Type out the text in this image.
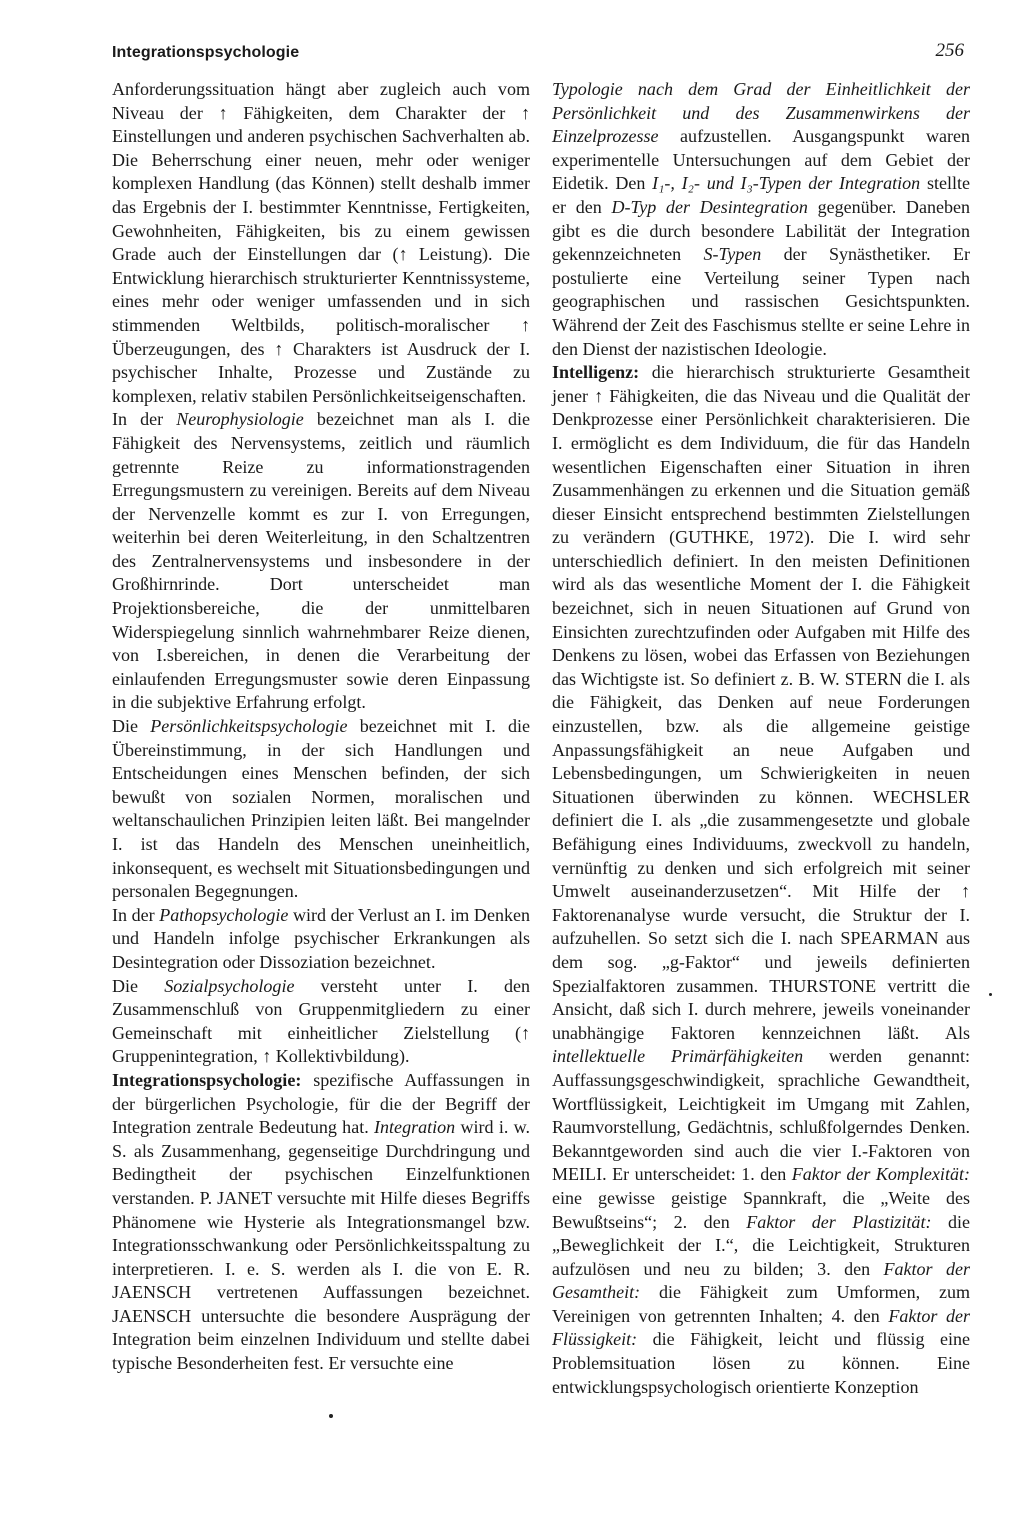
Integrationspsychologie	256

Anforderungssituation hängt aber zugleich auch vom Niveau der ↑ Fähigkeiten, dem Charakter der ↑ Einstellungen und anderen psychischen Sachverhalten ab. Die Beherrschung einer neuen, mehr oder weniger komplexen Handlung (das Können) stellt deshalb immer das Ergebnis der I. bestimmter Kenntnisse, Fertigkeiten, Gewohnheiten, Fähigkeiten, bis zu einem gewissen Grade auch der Einstellungen dar (↑ Leistung). Die Entwicklung hierarchisch strukturierter Kenntnissysteme, eines mehr oder weniger umfassenden und in sich stimmenden Weltbilds, politisch-moralischer ↑ Überzeugungen, des ↑ Charakters ist Ausdruck der I. psychischer Inhalte, Prozesse und Zustände zu komplexen, relativ stabilen Persönlichkeitseigenschaften.

In der Neurophysiologie bezeichnet man als I. die Fähigkeit des Nervensystems, zeitlich und räumlich getrennte Reize zu informationstragenden Erregungsmustern zu vereinigen. Bereits auf dem Niveau der Nervenzelle kommt es zur I. von Erregungen, weiterhin bei deren Weiterleitung, in den Schaltzentren des Zentralnervensystems und insbesondere in der Großhirnrinde. Dort unterscheidet man Projektionsbereiche, die der unmittelbaren Widerspiegelung sinnlich wahrnehmbarer Reize dienen, von I.sbereichen, in denen die Verarbeitung der einlaufenden Erregungsmuster sowie deren Einpassung in die subjektive Erfahrung erfolgt.

Die Persönlichkeitspsychologie bezeichnet mit I. die Übereinstimmung, in der sich Handlungen und Entscheidungen eines Menschen befinden, der sich bewußt von sozialen Normen, moralischen und weltanschaulichen Prinzipien leiten läßt. Bei mangelnder I. ist das Handeln des Menschen uneinheitlich, inkonsequent, es wechselt mit Situationsbedingungen und personalen Begegnungen.

In der Pathopsychologie wird der Verlust an I. im Denken und Handeln infolge psychischer Erkrankungen als Desintegration oder Dissoziation bezeichnet.

Die Sozialpsychologie versteht unter I. den Zusammenschluß von Gruppenmitgliedern zu einer Gemeinschaft mit einheitlicher Zielstellung (↑ Gruppenintegration, ↑ Kollektivbildung).

Integrationspsychologie: spezifische Auffassungen in der bürgerlichen Psychologie, für die der Begriff der Integration zentrale Bedeutung hat. Integration wird i. w. S. als Zusammenhang, gegenseitige Durchdringung und Bedingtheit der psychischen Einzelfunktionen verstanden. P. JANET versuchte mit Hilfe dieses Begriffs Phänomene wie Hysterie als Integrationsmangel bzw. Integrationsschwankung oder Persönlichkeitsspaltung zu interpretieren. I. e. S. werden als I. die von E. R. JAENSCH vertretenen Auffassungen bezeichnet. JAENSCH untersuchte die besondere Ausprägung der Integration beim einzelnen Individuum und stellte dabei typische Besonderheiten fest. Er versuchte eine

Typologie nach dem Grad der Einheitlichkeit der Persönlichkeit und des Zusammenwirkens der Einzelprozesse aufzustellen. Ausgangspunkt waren experimentelle Untersuchungen auf dem Gebiet der Eidetik. Den I₁-, I₂- und I₃-Typen der Integration stellte er den D-Typ der Desintegration gegenüber. Daneben gibt es die durch besondere Labilität der Integration gekennzeichneten S-Typen der Synästhetiker. Er postulierte eine Verteilung seiner Typen nach geographischen und rassischen Gesichtspunkten. Während der Zeit des Faschismus stellte er seine Lehre in den Dienst der nazistischen Ideologie.

Intelligenz: die hierarchisch strukturierte Gesamtheit jener ↑ Fähigkeiten, die das Niveau und die Qualität der Denkprozesse einer Persönlichkeit charakterisieren. Die I. ermöglicht es dem Individuum, die für das Handeln wesentlichen Eigenschaften einer Situation in ihren Zusammenhängen zu erkennen und die Situation gemäß dieser Einsicht entsprechend bestimmten Zielstellungen zu verändern (GUTHKE, 1972). Die I. wird sehr unterschiedlich definiert. In den meisten Definitionen wird als das wesentliche Moment der I. die Fähigkeit bezeichnet, sich in neuen Situationen auf Grund von Einsichten zurechtzufinden oder Aufgaben mit Hilfe des Denkens zu lösen, wobei das Erfassen von Beziehungen das Wichtigste ist. So definiert z. B. W. STERN die I. als die Fähigkeit, das Denken auf neue Forderungen einzustellen, bzw. als die allgemeine geistige Anpassungsfähigkeit an neue Aufgaben und Lebensbedingungen, um Schwierigkeiten in neuen Situationen überwinden zu können. WECHSLER definiert die I. als „die zusammengesetzte und globale Befähigung eines Individuums, zweckvoll zu handeln, vernünftig zu denken und sich erfolgreich mit seiner Umwelt auseinanderzusetzen“. Mit Hilfe der ↑ Faktorenanalyse wurde versucht, die Struktur der I. aufzuhellen. So setzt sich die I. nach SPEARMAN aus dem sog. „g-Faktor“ und jeweils definierten Spezialfaktoren zusammen. THURSTONE vertritt die Ansicht, daß sich I. durch mehrere, jeweils voneinander unabhängige Faktoren kennzeichnen läßt. Als intellektuelle Primärfähigkeiten werden genannt: Auffassungsgeschwindigkeit, sprachliche Gewandtheit, Wortflüssigkeit, Leichtigkeit im Umgang mit Zahlen, Raumvorstellung, Gedächtnis, schlußfolgerndes Denken. Bekanntgeworden sind auch die vier I.-Faktoren von MEILI. Er unterscheidet: 1. den Faktor der Komplexität: eine gewisse geistige Spannkraft, die „Weite des Bewußtseins“; 2. den Faktor der Plastizität: die „Beweglichkeit der I.“, die Leichtigkeit, Strukturen aufzulösen und neu zu bilden; 3. den Faktor der Gesamtheit: die Fähigkeit zum Umformen, zum Vereinigen von getrennten Inhalten; 4. den Faktor der Flüssigkeit: die Fähigkeit, leicht und flüssig eine Problemsituation lösen zu können. Eine entwicklungspsychologisch orientierte Konzeption
